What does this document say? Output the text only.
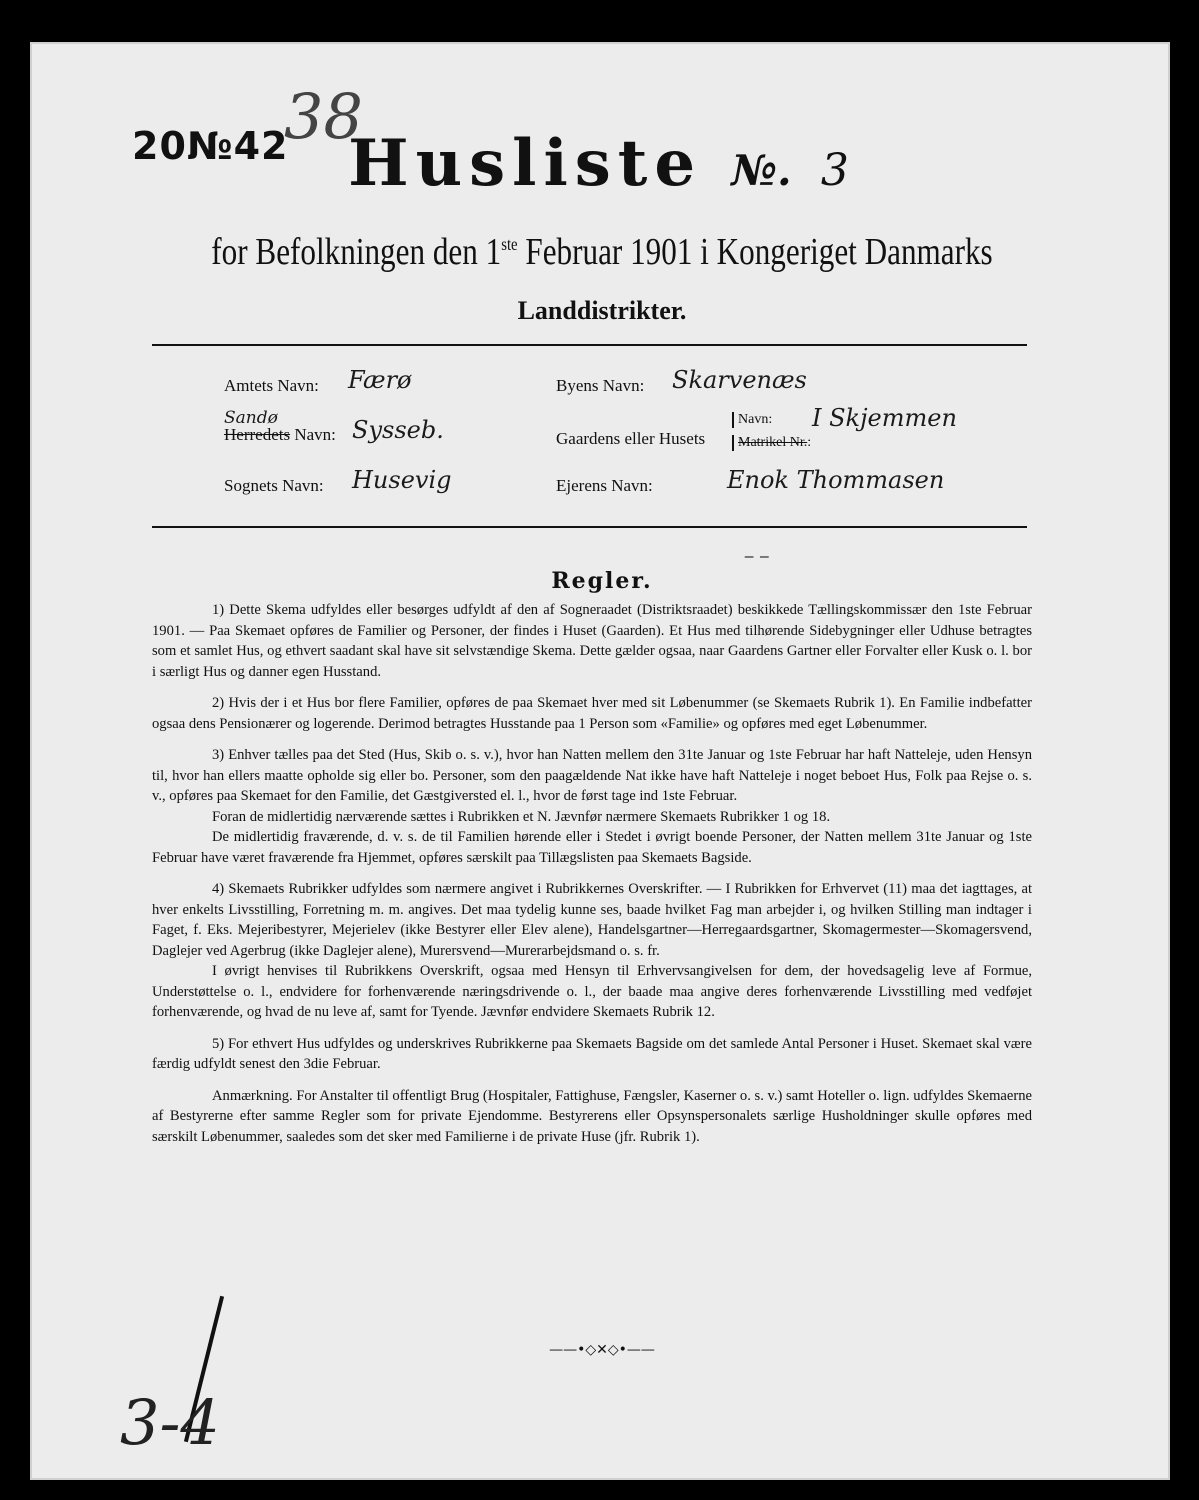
20№42
38
Husliste №. 3
for Befolkningen den 1ste Februar 1901 i Kongeriget Danmarks
Landdistrikter.
Amtets Navn: Færø
Sandø
Herredets Navn: Sysseb.
Sognets Navn: Husevig
Byens Navn: Skarvenæs
Gaardens eller Husets
Navn:
Matrikel Nr.:
I Skjemmen
Ejerens Navn:	Enok Thommasen
‒ ‒
Regler.

1) Dette Skema udfyldes eller besørges udfyldt af den af Sogneraadet (Distriktsraadet) beskikkede Tællingskommissær den 1ste Februar 1901. — Paa Skemaet opføres de Familier og Personer, der findes i Huset (Gaarden). Et Hus med tilhørende Sidebygninger eller Udhuse betragtes som et samlet Hus, og ethvert saadant skal have sit selvstændige Skema. Dette gælder ogsaa, naar Gaardens Gartner eller Forvalter eller Kusk o. l. bor i særligt Hus og danner egen Husstand.

2) Hvis der i et Hus bor flere Familier, opføres de paa Skemaet hver med sit Løbenummer (se Skemaets Rubrik 1). En Familie indbefatter ogsaa dens Pensionærer og logerende. Derimod betragtes Husstande paa 1 Person som «Familie» og opføres med eget Løbenummer.

3) Enhver tælles paa det Sted (Hus, Skib o. s. v.), hvor han Natten mellem den 31te Januar og 1ste Februar har haft Natteleje, uden Hensyn til, hvor han ellers maatte opholde sig eller bo. Personer, som den paagældende Nat ikke have haft Natteleje i noget beboet Hus, Folk paa Rejse o. s. v., opføres paa Skemaet for den Familie, det Gæstgiversted el. l., hvor de først tage ind 1ste Februar.

Foran de midlertidig nærværende sættes i Rubrikken et N. Jævnfør nærmere Skemaets Rubrikker 1 og 18.

De midlertidig fraværende, d. v. s. de til Familien hørende eller i Stedet i øvrigt boende Personer, der Natten mellem 31te Januar og 1ste Februar have været fraværende fra Hjemmet, opføres særskilt paa Tillægslisten paa Skemaets Bagside.

4) Skemaets Rubrikker udfyldes som nærmere angivet i Rubrikkernes Overskrifter. — I Rubrikken for Erhvervet (11) maa det iagttages, at hver enkelts Livsstilling, Forretning m. m. angives. Det maa tydelig kunne ses, baade hvilket Fag man arbejder i, og hvilken Stilling man indtager i Faget, f. Eks. Mejeribestyrer, Mejerielev (ikke Bestyrer eller Elev alene), Handelsgartner—Herregaardsgartner, Skomagermester—Skomagersvend, Daglejer ved Agerbrug (ikke Daglejer alene), Murersvend—Murerarbejdsmand o. s. fr.

I øvrigt henvises til Rubrikkens Overskrift, ogsaa med Hensyn til Erhvervsangivelsen for dem, der hovedsagelig leve af Formue, Understøttelse o. l., endvidere for forhenværende næringsdrivende o. l., der baade maa angive deres forhenværende Livsstilling med vedføjet forhenværende, og hvad de nu leve af, samt for Tyende. Jævnfør endvidere Skemaets Rubrik 12.

5) For ethvert Hus udfyldes og underskrives Rubrikkerne paa Skemaets Bagside om det samlede Antal Personer i Huset. Skemaet skal være færdig udfyldt senest den 3die Februar.

Anmærkning. For Anstalter til offentligt Brug (Hospitaler, Fattighuse, Fængsler, Kaserner o. s. v.) samt Hoteller o. lign. udfyldes Skemaerne af Bestyrerne efter samme Regler som for private Ejendomme. Bestyrerens eller Opsynspersonalets særlige Husholdninger skulle opføres med særskilt Løbenummer, saaledes som det sker med Familierne i de private Huse (jfr. Rubrik 1).

——•◇✕◇•——
3-4
